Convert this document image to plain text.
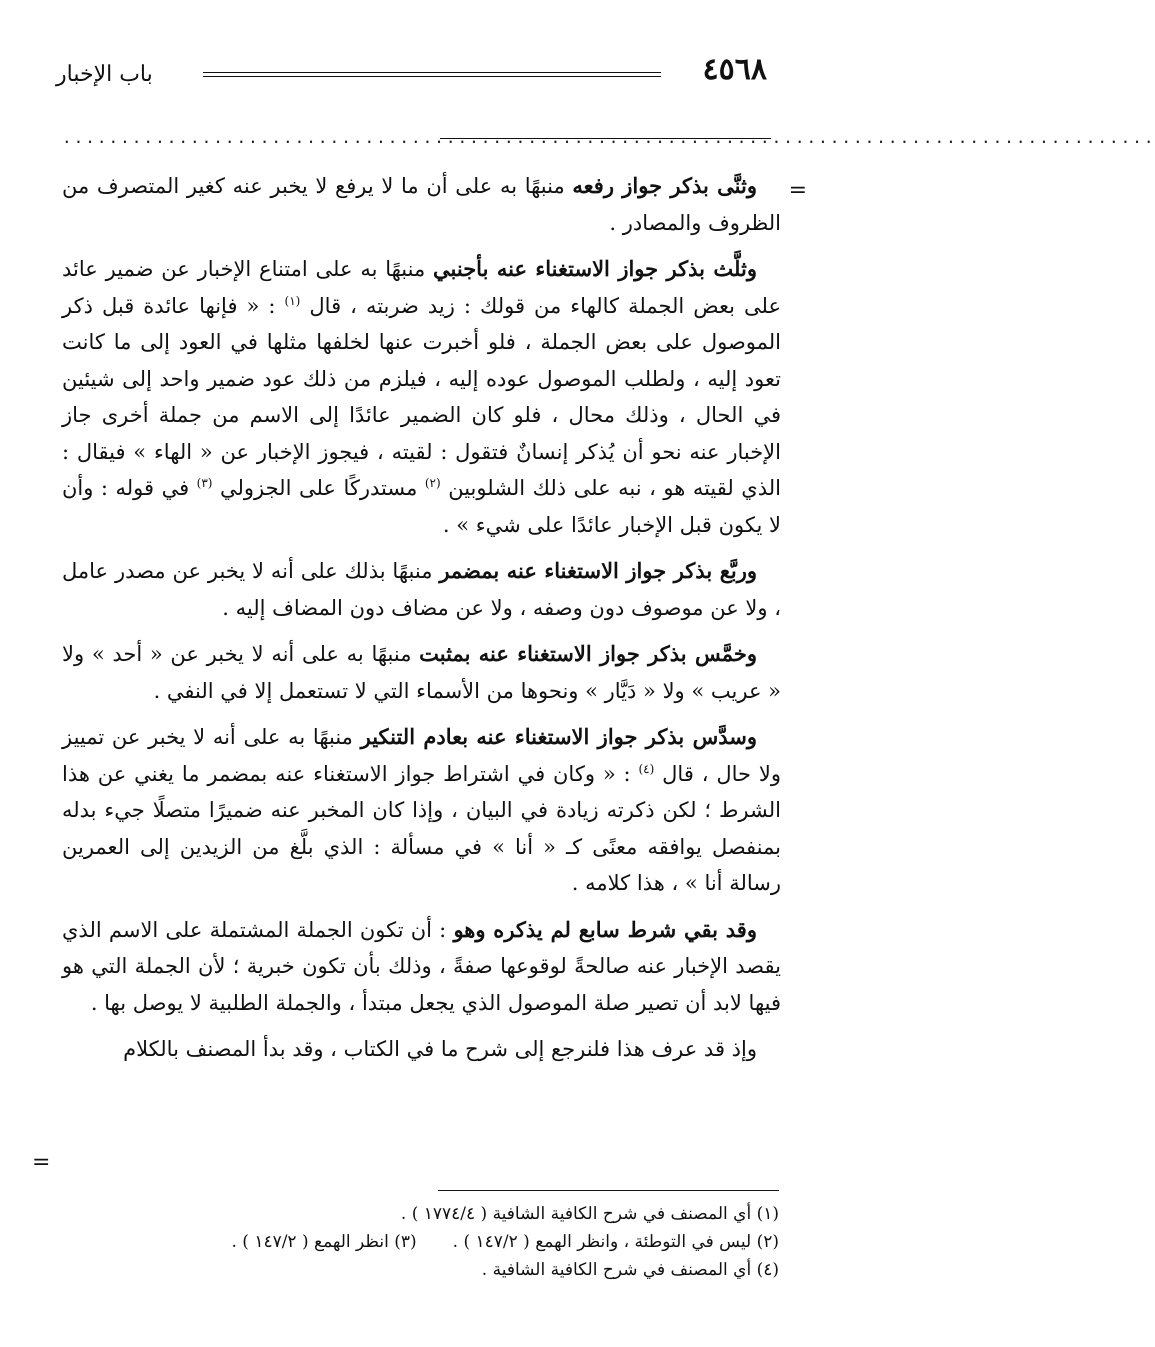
٤٥٦٨
باب الإخبار
..............................................................................................
=
=

وثنَّى بذكر جواز رفعه منبهًا به على أن ما لا يرفع لا يخبر عنه كغير المتصرف من الظروف والمصادر .

وثلَّث بذكر جواز الاستغناء عنه بأجنبي منبهًا به على امتناع الإخبار عن ضمير عائد على بعض الجملة كالهاء من قولك : زيد ضربته ، قال $^{(١)}$ : « فإنها عائدة قبل ذكر الموصول على بعض الجملة ، فلو أخبرت عنها لخلفها مثلها في العود إلى ما كانت تعود إليه ، ولطلب الموصول عوده إليه ، فيلزم من ذلك عود ضمير واحد إلى شيئين في الحال ، وذلك محال ، فلو كان الضمير عائدًا إلى الاسم من جملة أخرى جاز الإخبار عنه نحو أن يُذكر إنسانٌ فتقول : لقيته ، فيجوز الإخبار عن « الهاء » فيقال : الذي لقيته هو ، نبه على ذلك الشلوبين $^{(٢)}$ مستدركًا على الجزولي $^{(٣)}$ في قوله : وأن لا يكون قبل الإخبار عائدًا على شيء » .

وربَّع بذكر جواز الاستغناء عنه بمضمر منبهًا بذلك على أنه لا يخبر عن مصدر عامل ، ولا عن موصوف دون وصفه ، ولا عن مضاف دون المضاف إليه .

وخمَّس بذكر جواز الاستغناء عنه بمثبت منبهًا به على أنه لا يخبر عن « أحد » ولا « عريب » ولا « دَيَّار » ونحوها من الأسماء التي لا تستعمل إلا في النفي .

وسدَّس بذكر جواز الاستغناء عنه بعادم التنكير منبهًا به على أنه لا يخبر عن تمييز ولا حال ، قال $^{(٤)}$ : « وكان في اشتراط جواز الاستغناء عنه بمضمر ما يغني عن هذا الشرط ؛ لكن ذكرته زيادة في البيان ، وإذا كان المخبر عنه ضميرًا متصلًا جيء بدله بمنفصل يوافقه معنًى كـ « أنا » في مسألة : الذي بلَّغ من الزيدين إلى العمرين رسالة أنا » ، هذا كلامه .

وقد بقي شرط سابع لم يذكره وهو : أن تكون الجملة المشتملة على الاسم الذي يقصد الإخبار عنه صالحةً لوقوعها صفةً ، وذلك بأن تكون خبرية ؛ لأن الجملة التي هو فيها لابد أن تصير صلة الموصول الذي يجعل مبتدأ ، والجملة الطلبية لا يوصل بها .

وإذ قد عرف هذا فلنرجع إلى شرح ما في الكتاب ، وقد بدأ المصنف بالكلام

(١) أي المصنف في شرح الكافية الشافية ( ١٧٧٤/٤ ) .
(٢) ليس في التوطئة ، وانظر الهمع ( ١٤٧/٢ ) .(٣) انظر الهمع ( ١٤٧/٢ ) .
(٤) أي المصنف في شرح الكافية الشافية .
